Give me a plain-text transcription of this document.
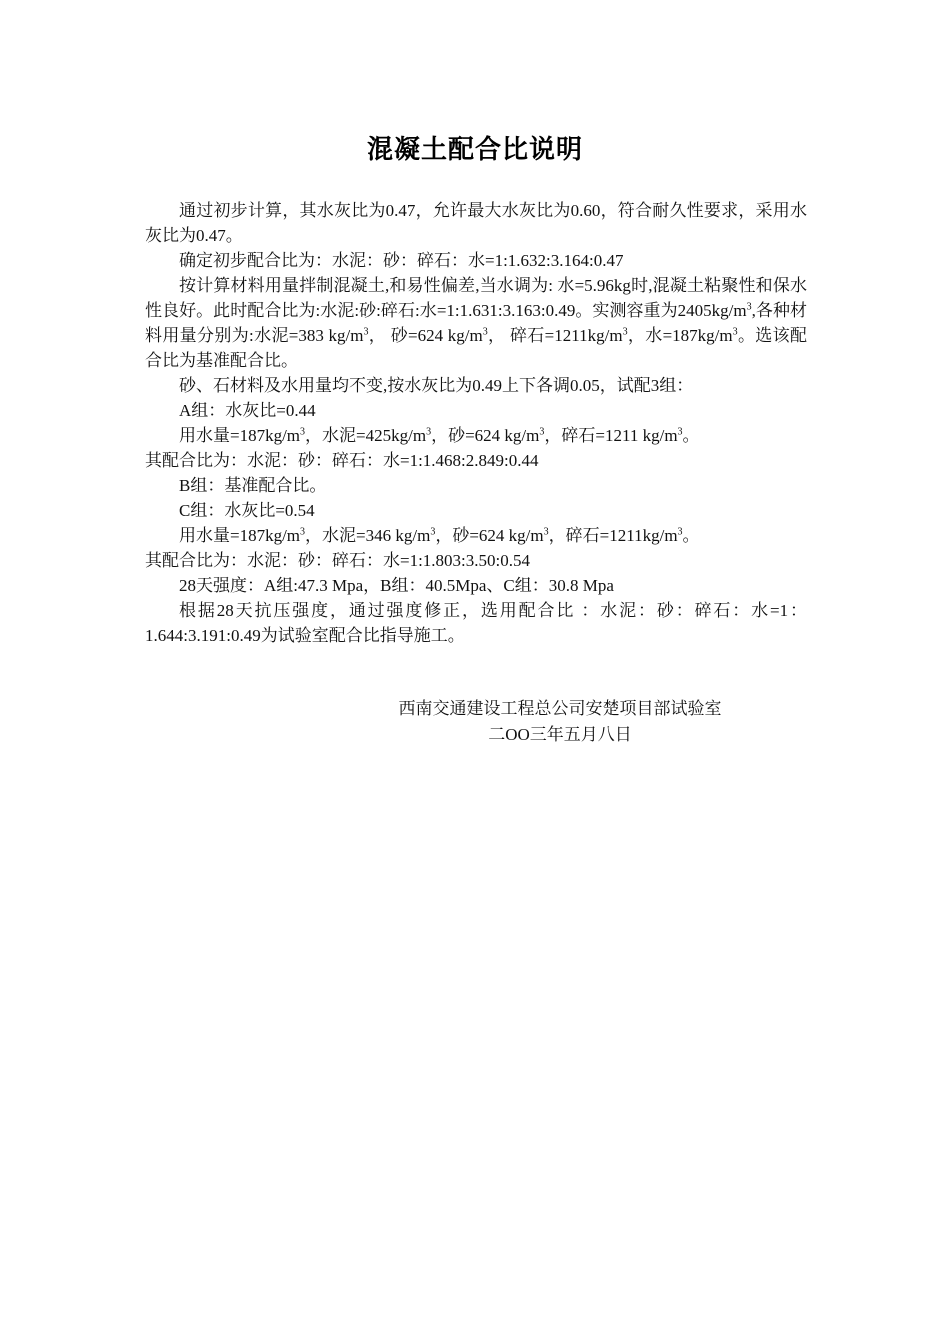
混凝土配合比说明

通过初步计算，其水灰比为0.47，允许最大水灰比为0.60，符合耐久性要求，采用水灰比为0.47。

确定初步配合比为：水泥：砂：碎石：水=1:1.632:3.164:0.47

按计算材料用量拌制混凝土,和易性偏差,当水调为: 水=5.96kg时,混凝土粘聚性和保水性良好。此时配合比为:水泥:砂:碎石:水=1:1.631:3.163:0.49。实测容重为$2405kg/m^3$,各种材料用量分别为:水泥=383 $kg/m^3$， 砂=624 $kg/m^3$， 碎石$=1211kg/m^3$，水$=187kg/m^3$。选该配合比为基准配合比。

砂、石材料及水用量均不变,按水灰比为0.49上下各调0.05，试配3组：

A组：水灰比=0.44

用水量$=187kg/m^3$，水泥$=425kg/m^3$，砂=624 $kg/m^3$，碎石=1211 $kg/m^3$。

其配合比为：水泥：砂：碎石：水=1:1.468:2.849:0.44

B组：基准配合比。

C组：水灰比=0.54

用水量$=187kg/m^3$，水泥=346 $kg/m^3$，砂=624 $kg/m^3$，碎石$=1211kg/m^3$。

其配合比为：水泥：砂：碎石：水=1:1.803:3.50:0.54

28天强度：A组:47.3 Mpa，B组：40.5Mpa、C组：30.8 Mpa

根据28天抗压强度，通过强度修正，选用配合比 ：水泥：砂：碎石：水=1：1.644:3.191:0.49为试验室配合比指导施工。

西南交通建设工程总公司安楚项目部试验室
二OO三年五月八日
